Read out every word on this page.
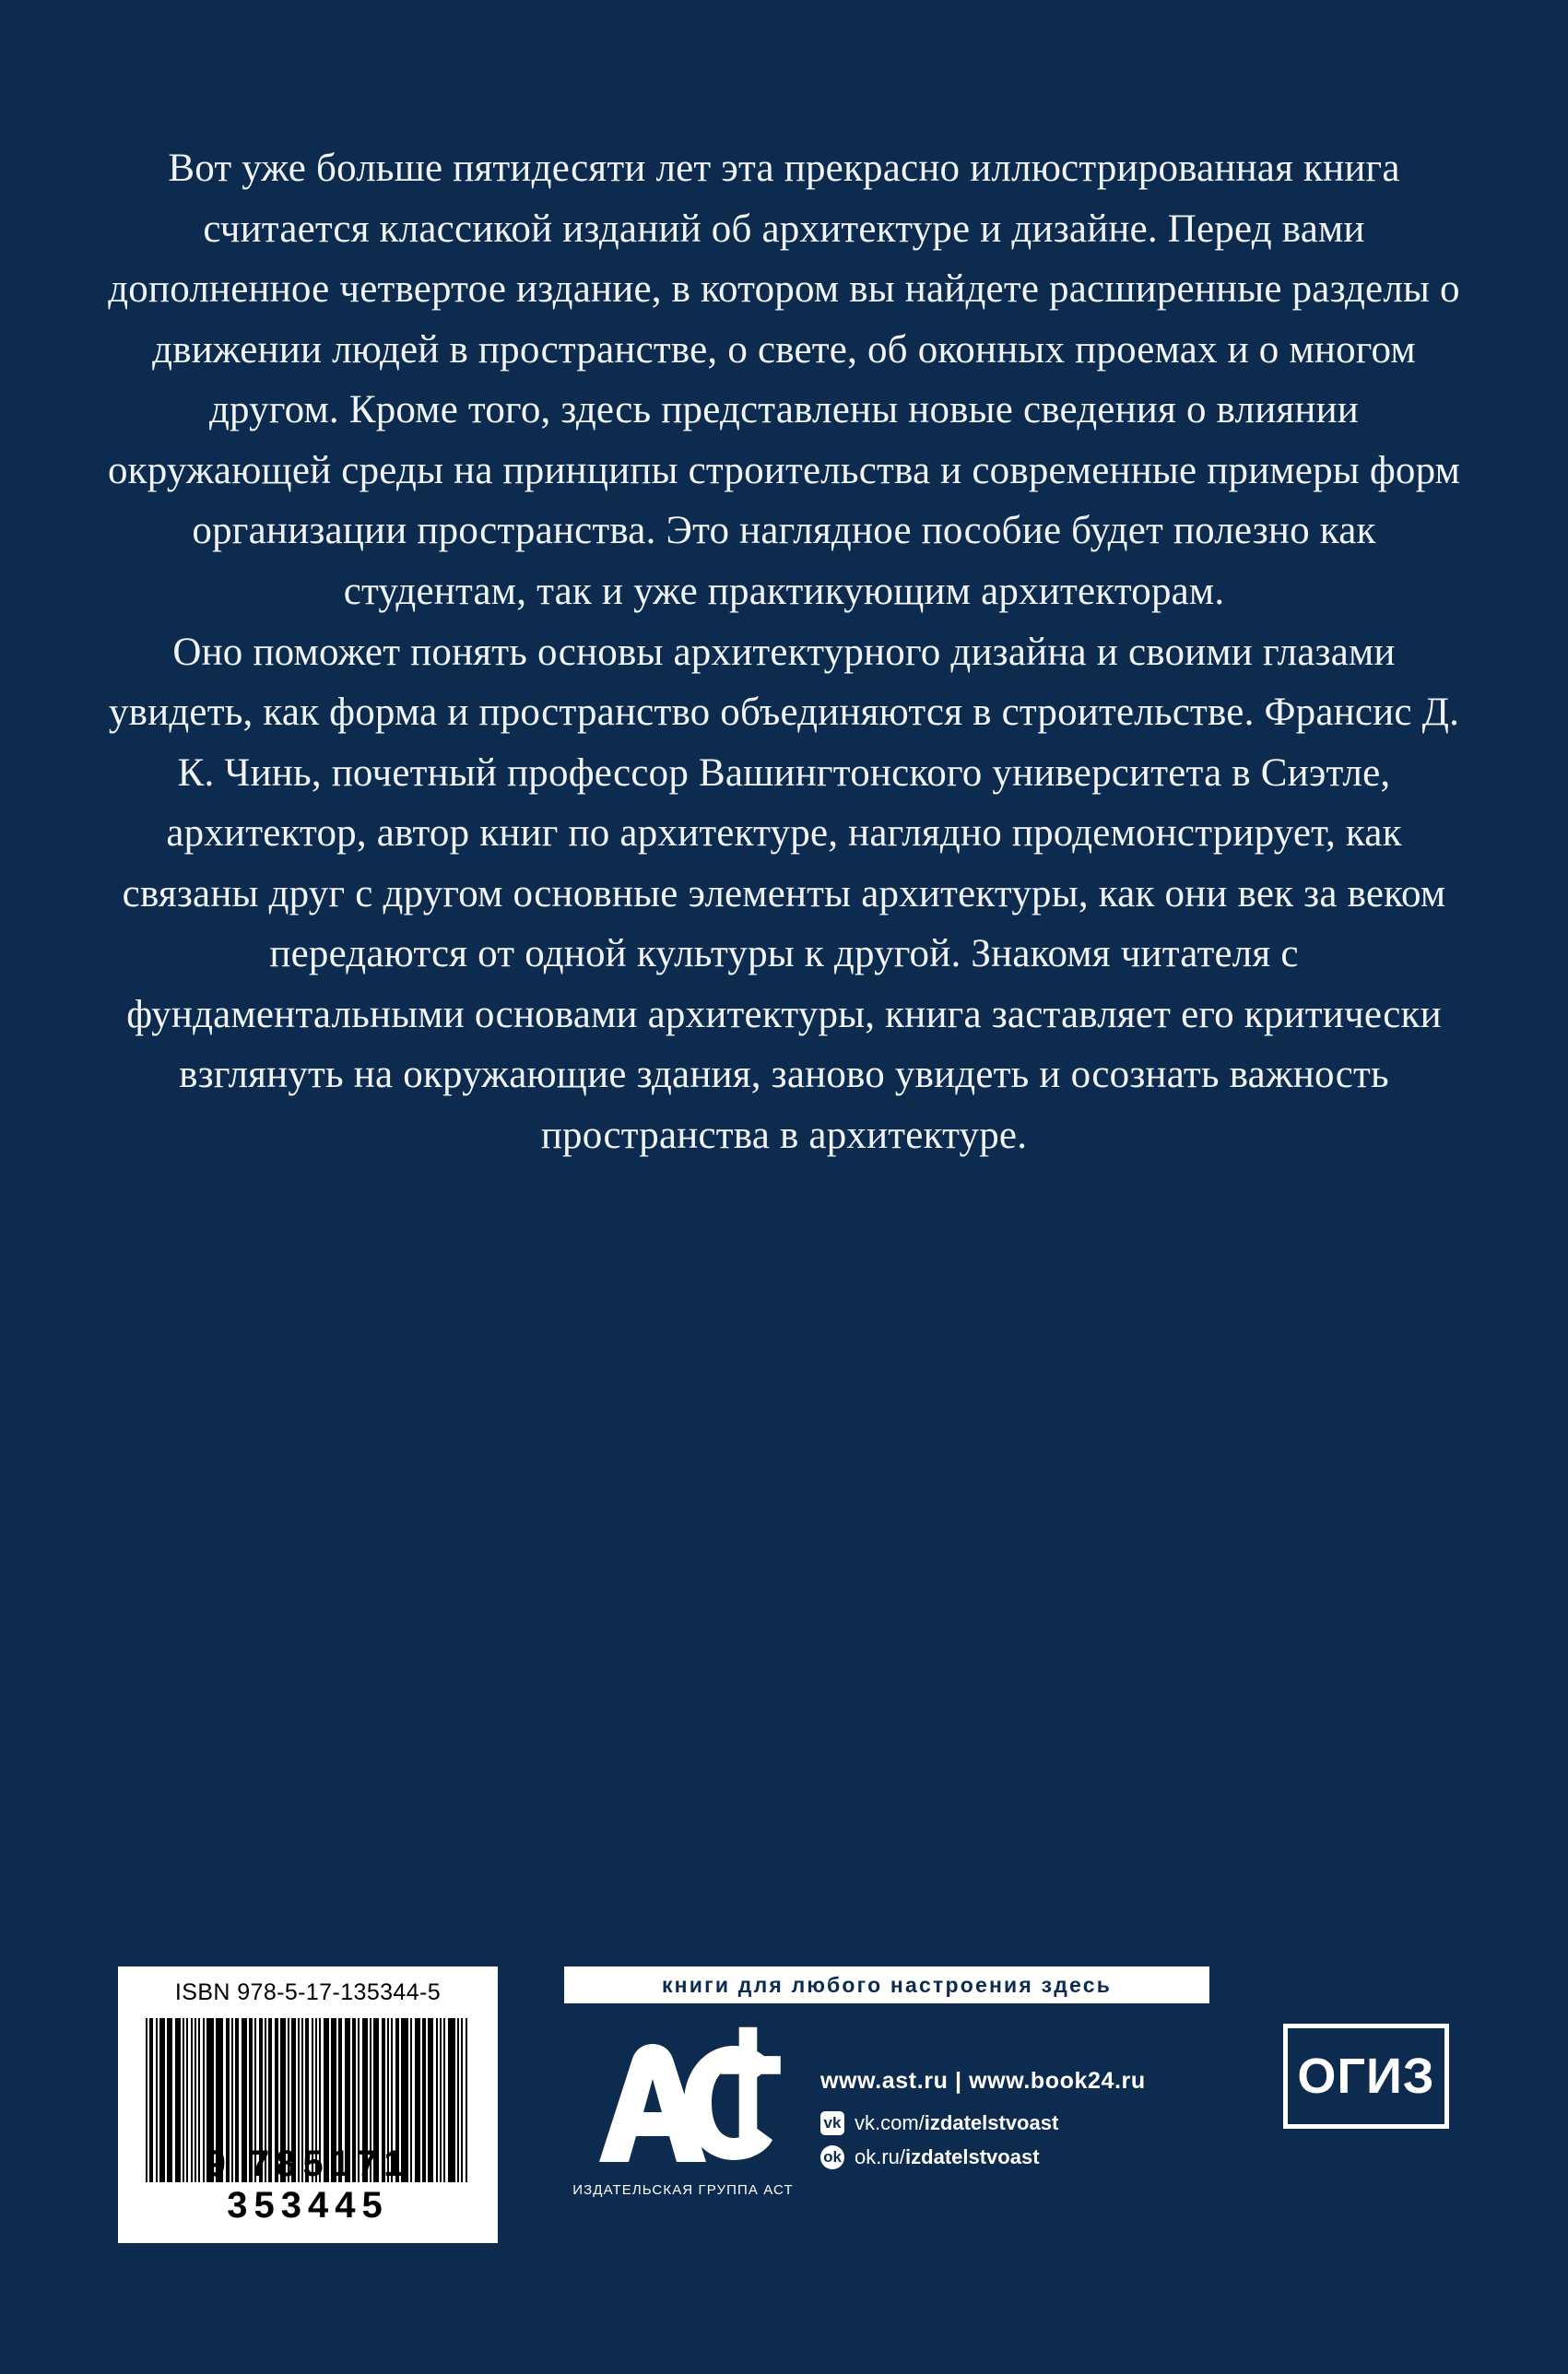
Вот уже больше пятидесяти лет эта прекрасно иллюстрированная книга считается классикой изданий об архитектуре и дизайне. Перед вами дополненное четвертое издание, в котором вы найдете расширенные разделы о движении людей в пространстве, о свете, об оконных проемах и о многом другом. Кроме того, здесь представлены новые сведения о влиянии окружающей среды на принципы строительства и современные примеры форм организации пространства. Это наглядное пособие будет полезно как студентам, так и уже практикующим архитекторам.

Оно поможет понять основы архитектурного дизайна и своими глазами увидеть, как форма и пространство объединяются в строительстве. Франсис Д. К. Чинь, почетный профессор Вашингтонского университета в Сиэтле, архитектор, автор книг по архитектуре, наглядно продемонстрирует, как связаны друг с другом основные элементы архитектуры, как они век за веком передаются от одной культуры к другой. Знакомя читателя с фундаментальными основами архитектуры, книга заставляет его критически взглянуть на окружающие здания, заново увидеть и осознать важность пространства в архитектуре.

ISBN 978-5-17-135344-5
9 785171 353445
книги для любого настроения здесь
ИЗДАТЕЛЬСКАЯ ГРУППА АСТ
www.ast.ru | www.book24.ru
vk vk.com/izdatelstvoast
ok ok.ru/izdatelstvoast
ОГИЗ
